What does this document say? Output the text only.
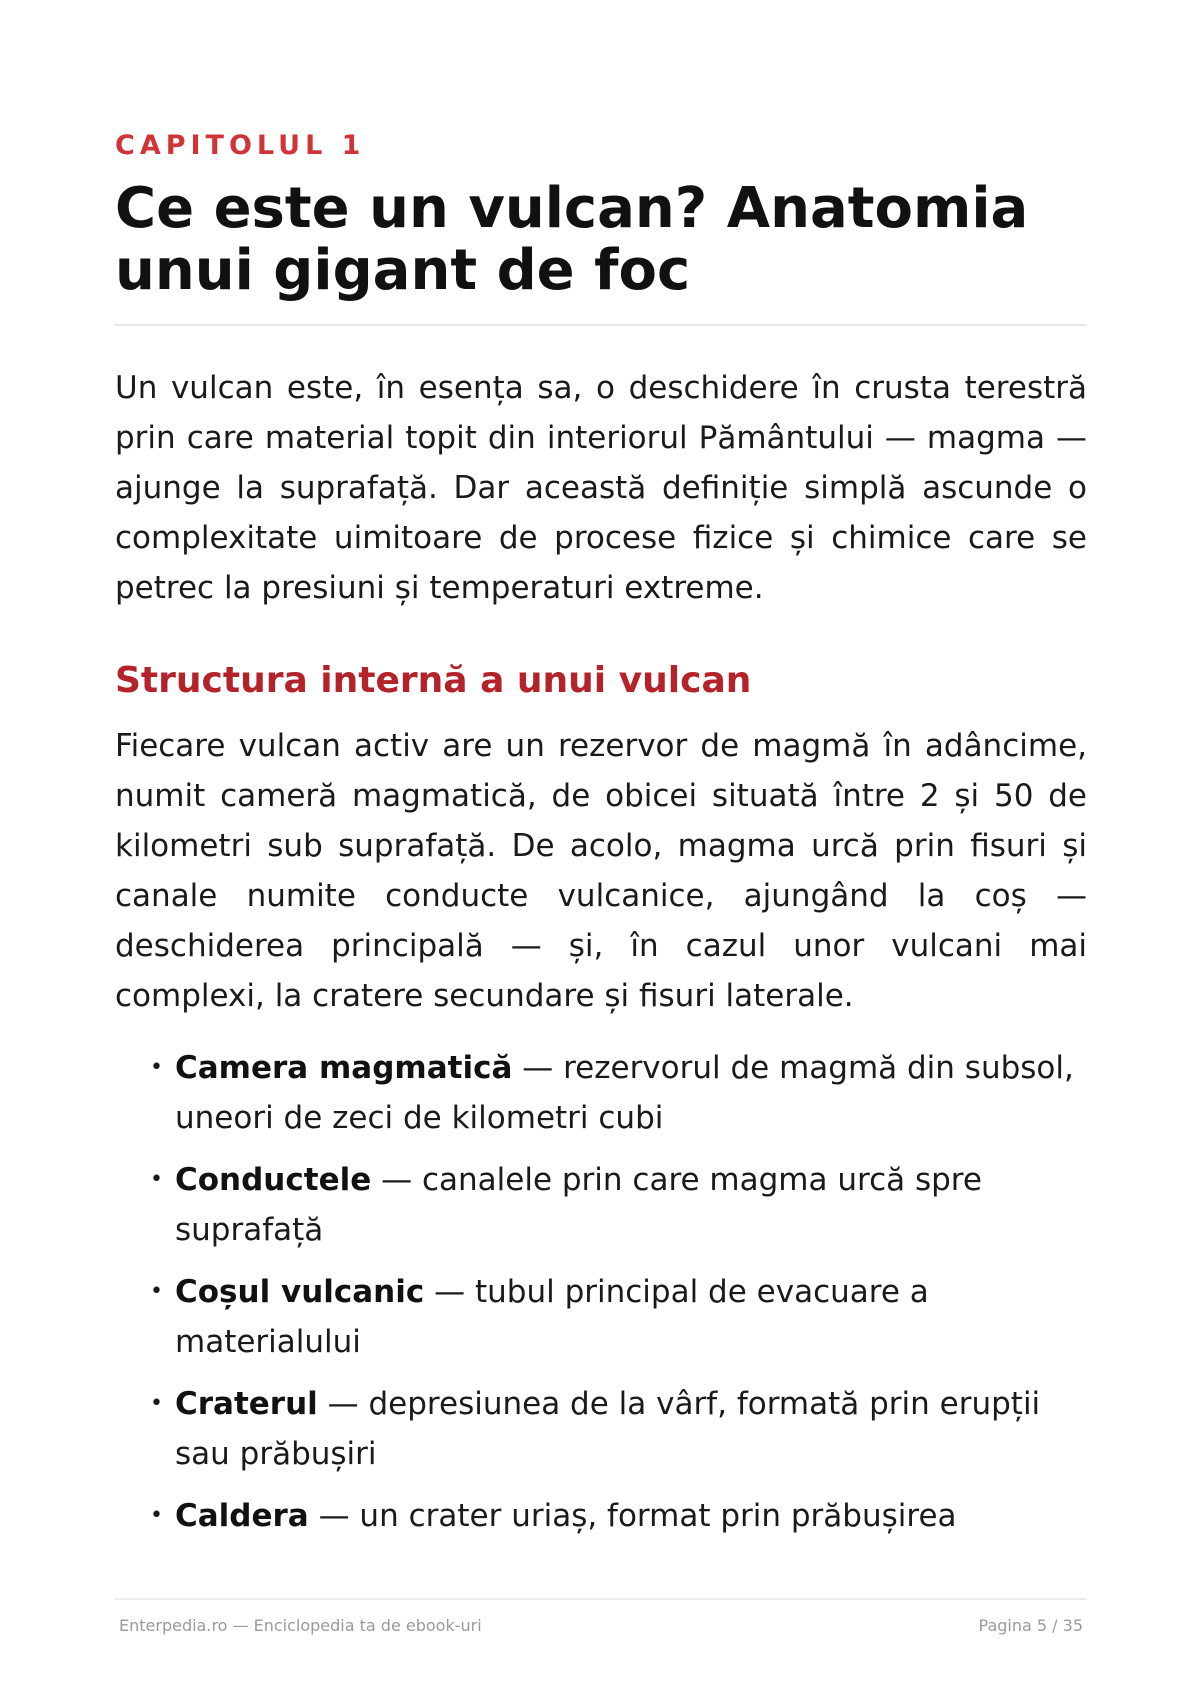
CAPITOLUL 1
Ce este un vulcan? Anatomia unui gigant de foc

Un vulcan este, în esența sa, o deschidere în crusta terestră prin care material topit din interiorul Pământului — magma — ajunge la suprafață. Dar această definiție simplă ascunde o complexitate uimitoare de procese fizice și chimice care se petrec la presiuni și temperaturi extreme.

Structura internă a unui vulcan

Fiecare vulcan activ are un rezervor de magmă în adâncime, numit cameră magmatică, de obicei situată între 2 și 50 de kilometri sub suprafață. De acolo, magma urcă prin fisuri și canale numite conducte vulcanice, ajungând la coș — deschiderea principală — și, în cazul unor vulcani mai complexi, la cratere secundare și fisuri laterale.

• Camera magmatică — rezervorul de magmă din subsol, uneori de zeci de kilometri cubi
• Conductele — canalele prin care magma urcă spre suprafață
• Coșul vulcanic — tubul principal de evacuare a materialului
• Craterul — depresiunea de la vârf, formată prin erupții sau prăbușiri
• Caldera — un crater uriaș, format prin prăbușirea
Enterpedia.ro — Enciclopedia ta de ebook-uri	Pagina 5 / 35
